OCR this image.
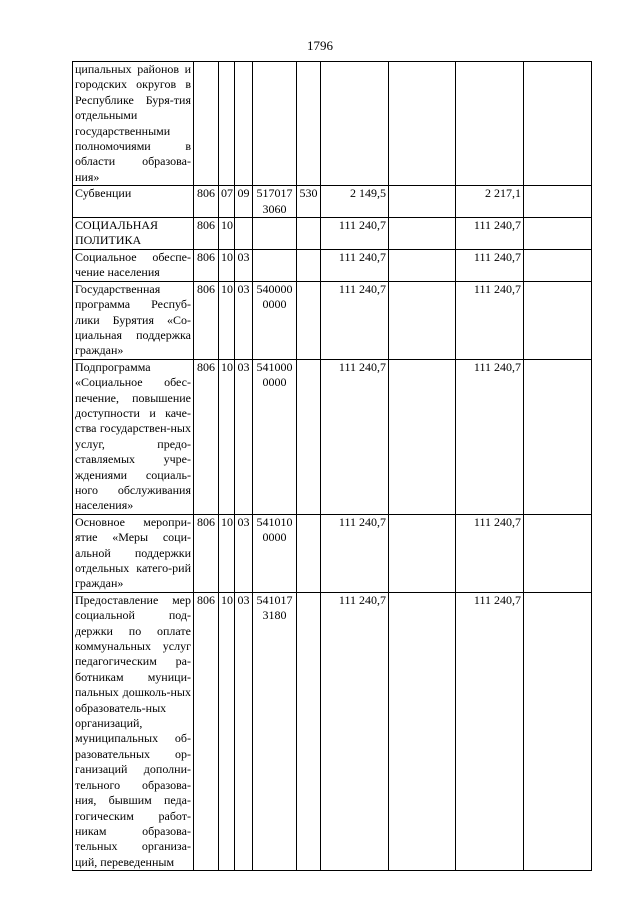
1796
ципальных районов и городских округов в Республике Буря-тия отдельными государственными полномочиями в области образова-ния»									
Субвенции	806	07	09	5170173060	530	2 149,5		2 217,1	
СОЦИАЛЬНАЯ ПОЛИТИКА	806	10				111 240,7		111 240,7	
Социальное обеспе-чение населения	806	10	03			111 240,7		111 240,7	
Государственная программа Респуб-лики Бурятия «Со-циальная поддержка граждан»	806	10	03	5400000000		111 240,7		111 240,7	
Подпрограмма «Социальное обес-печение, повышение доступности и каче-ства государствен-ных услуг, предо-ставляемых учре-ждениями социаль-ного обслуживания населения»	806	10	03	5410000000		111 240,7		111 240,7	
Основное меропри-ятие «Меры соци-альной поддержки отдельных катего-рий граждан»	806	10	03	5410100000		111 240,7		111 240,7	
Предоставление мер социальной под-держки по оплате коммунальных услуг педагогическим ра-ботникам муници-пальных дошколь-ных образователь-ных организаций, муниципальных об-разовательных ор-ганизаций дополни-тельного образова-ния, бывшим педа-гогическим работ-никам образова-тельных организа-ций, переведенным	806	10	03	5410173180		111 240,7		111 240,7	
